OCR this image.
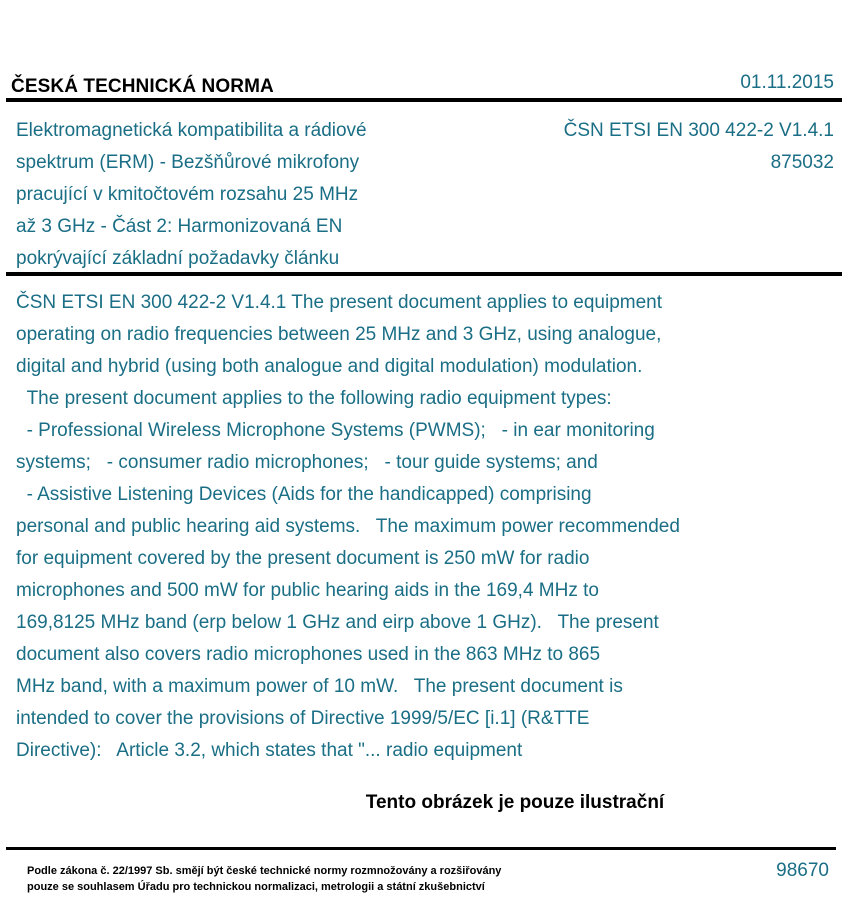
ČESKÁ TECHNICKÁ NORMA	01.11.2015
Elektromagnetická kompatibilita a rádiové
spektrum (ERM) - Bezšňůrové mikrofony
pracující v kmitočtovém rozsahu 25 MHz
až 3 GHz - Část 2: Harmonizovaná EN
pokrývající základní požadavky článku
ČSN ETSI EN 300 422-2 V1.4.1
875032

ČSN ETSI EN 300 422-2 V1.4.1 The present document applies to equipment

operating on radio frequencies between 25 MHz and 3 GHz, using analogue,

digital and hybrid (using both analogue and digital modulation) modulation.

The present document applies to the following radio equipment types:

- Professional Wireless Microphone Systems (PWMS);   - in ear monitoring

systems;   - consumer radio microphones;   - tour guide systems; and

- Assistive Listening Devices (Aids for the handicapped) comprising

personal and public hearing aid systems.   The maximum power recommended

for equipment covered by the present document is 250 mW for radio

microphones and 500 mW for public hearing aids in the 169,4 MHz to

169,8125 MHz band (erp below 1 GHz and eirp above 1 GHz).   The present

document also covers radio microphones used in the 863 MHz to 865

MHz band, with a maximum power of 10 mW.   The present document is

intended to cover the provisions of Directive 1999/5/EC [i.1] (R&TTE

Directive):   Article 3.2, which states that "... radio equipment

Tento obrázek je pouze ilustrační
Podle zákona č. 22/1997 Sb. smějí být české technické normy rozmnožovány a rozšiřovány
pouze se souhlasem Úřadu pro technickou normalizaci, metrologii a státní zkušebnictví
98670
